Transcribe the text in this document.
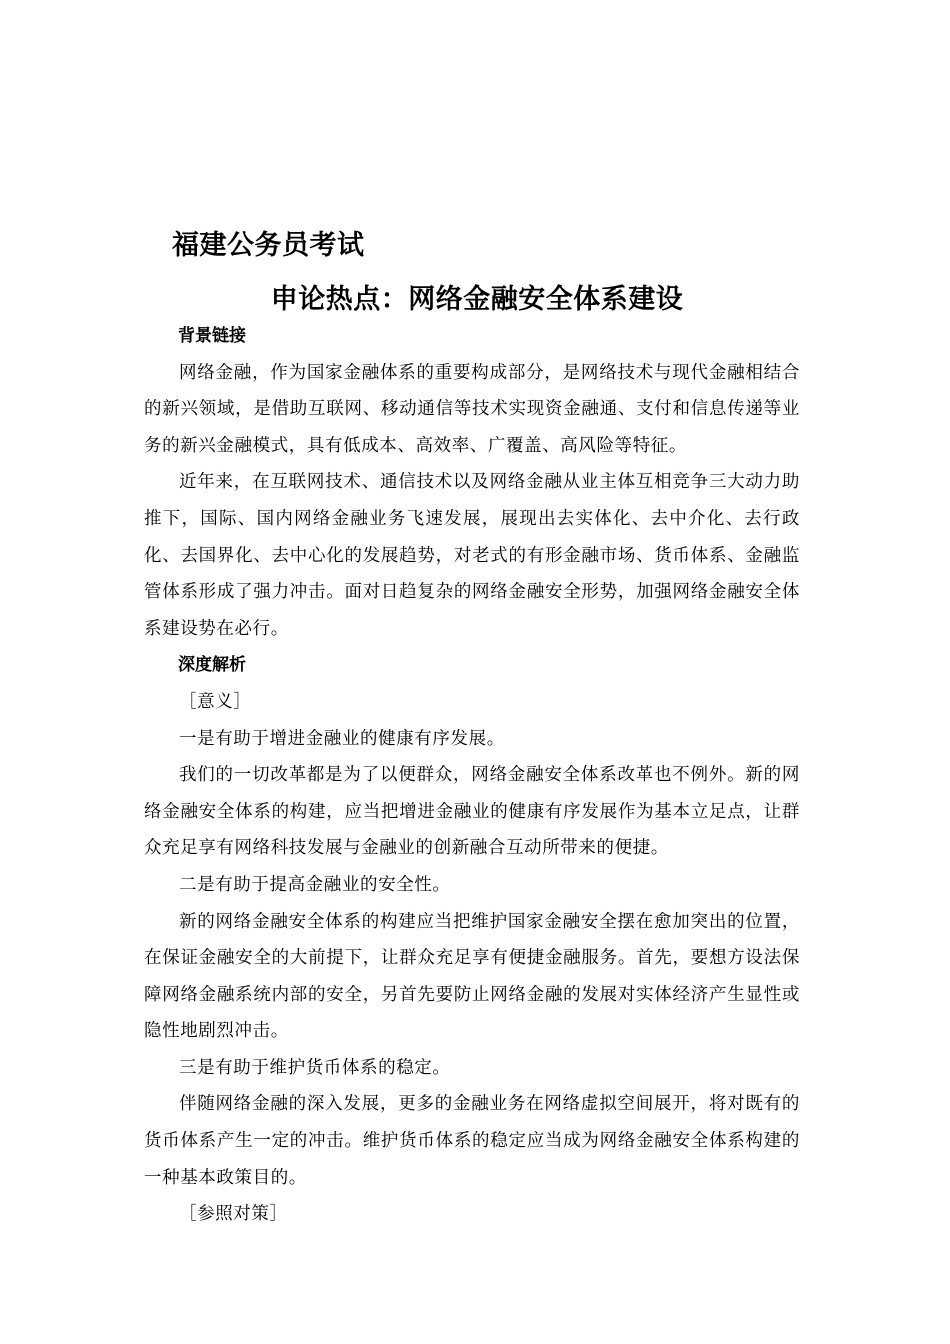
福建公务员考试
申论热点：网络金融安全体系建设

背景链接

网络金融，作为国家金融体系的重要构成部分，是网络技术与现代金融相结合的新兴领域，是借助互联网、移动通信等技术实现资金融通、支付和信息传递等业务的新兴金融模式，具有低成本、高效率、广覆盖、高风险等特征。

近年来，在互联网技术、通信技术以及网络金融从业主体互相竞争三大动力助推下，国际、国内网络金融业务飞速发展，展现出去实体化、去中介化、去行政化、去国界化、去中心化的发展趋势，对老式的有形金融市场、货币体系、金融监管体系形成了强力冲击。面对日趋复杂的网络金融安全形势，加强网络金融安全体系建设势在必行。

深度解析

［意义］

一是有助于增进金融业的健康有序发展。

我们的一切改革都是为了以便群众，网络金融安全体系改革也不例外。新的网络金融安全体系的构建，应当把增进金融业的健康有序发展作为基本立足点，让群众充足享有网络科技发展与金融业的创新融合互动所带来的便捷。

二是有助于提高金融业的安全性。

新的网络金融安全体系的构建应当把维护国家金融安全摆在愈加突出的位置，在保证金融安全的大前提下，让群众充足享有便捷金融服务。首先，要想方设法保障网络金融系统内部的安全，另首先要防止网络金融的发展对实体经济产生显性或隐性地剧烈冲击。

三是有助于维护货币体系的稳定。

伴随网络金融的深入发展，更多的金融业务在网络虚拟空间展开，将对既有的货币体系产生一定的冲击。维护货币体系的稳定应当成为网络金融安全体系构建的一种基本政策目的。

［参照对策］
